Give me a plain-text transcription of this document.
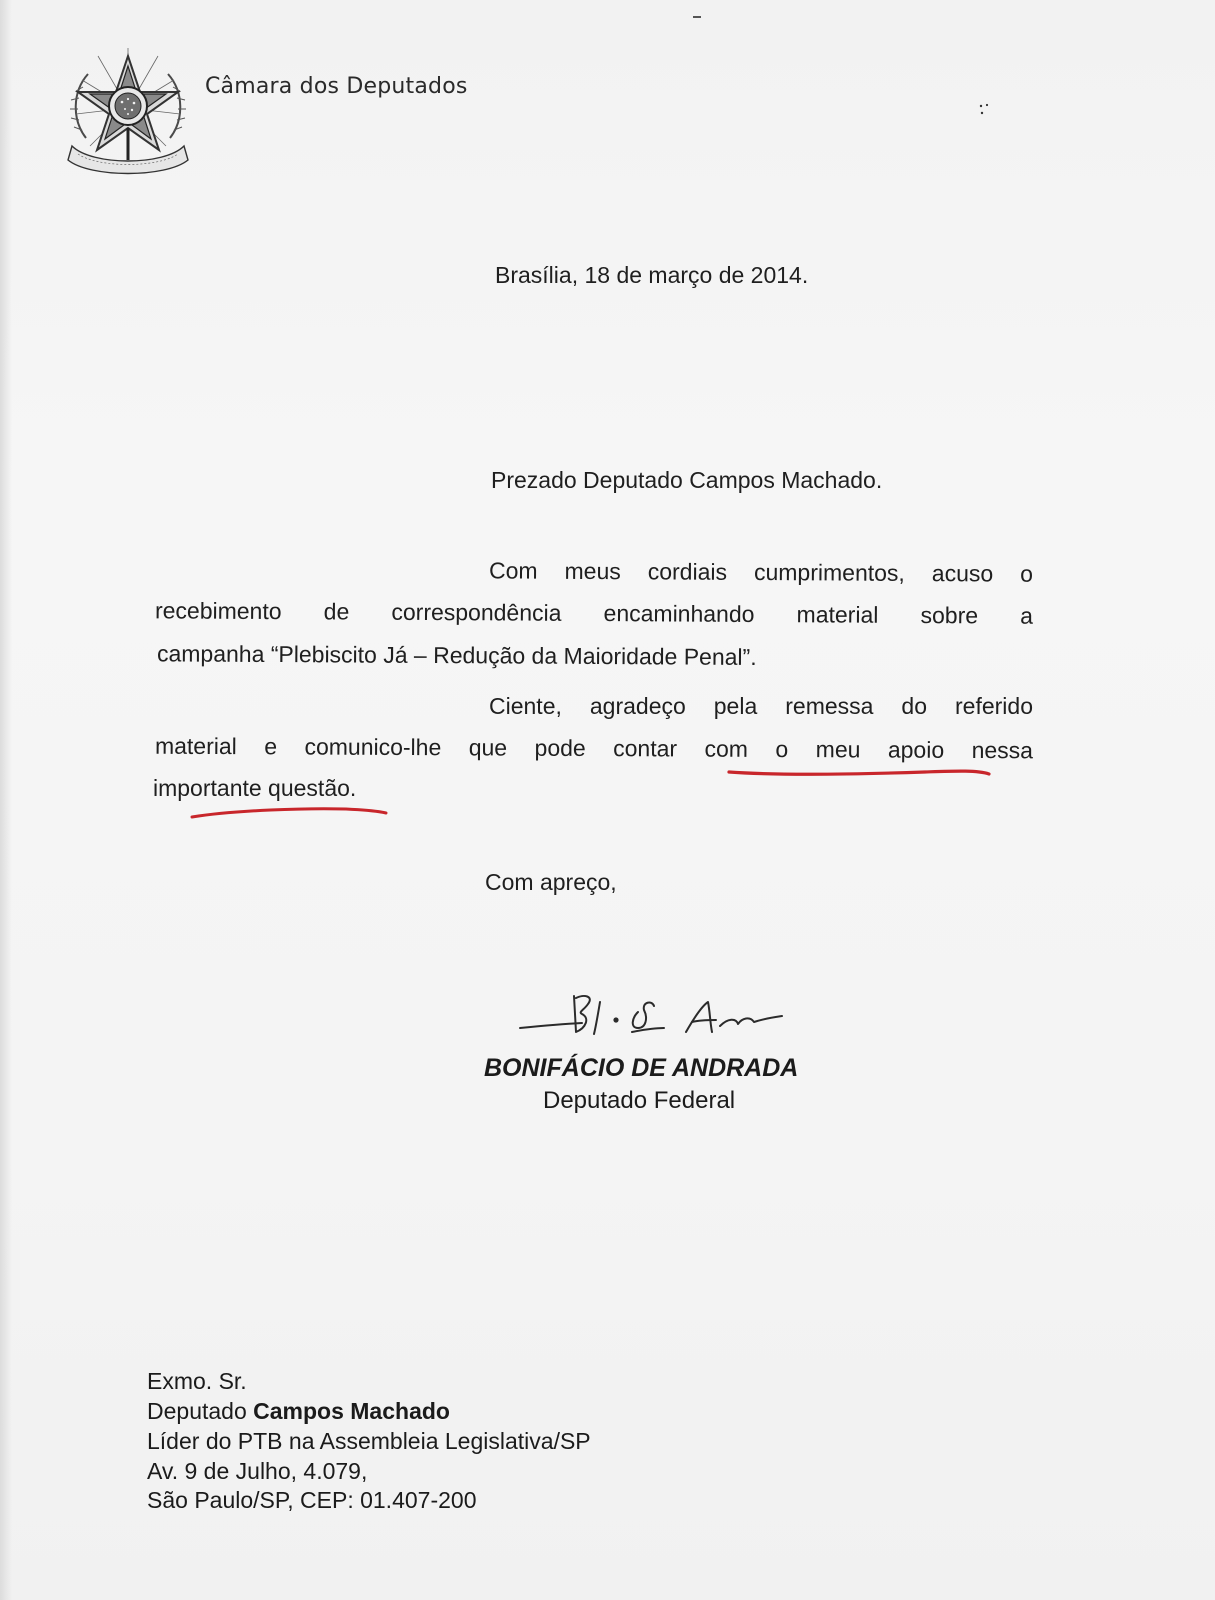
Câmara dos Deputados
Brasília, 18 de março de 2014.
Prezado Deputado Campos Machado.
Com meus cordiais cumprimentos, acuso o
recebimento de correspondência encaminhando material sobre a
campanha “Plebiscito Já – Redução da Maioridade Penal”.
Ciente, agradeço pela remessa do referido
material e comunico-lhe que pode contar com o meu apoio nessa
importante questão.
Com apreço,
BONIFÁCIO DE ANDRADA
Deputado Federal
Exmo. Sr.
Deputado Campos Machado
Líder do PTB na Assembleia Legislativa/SP
Av. 9 de Julho, 4.079,
São Paulo/SP, CEP: 01.407-200
